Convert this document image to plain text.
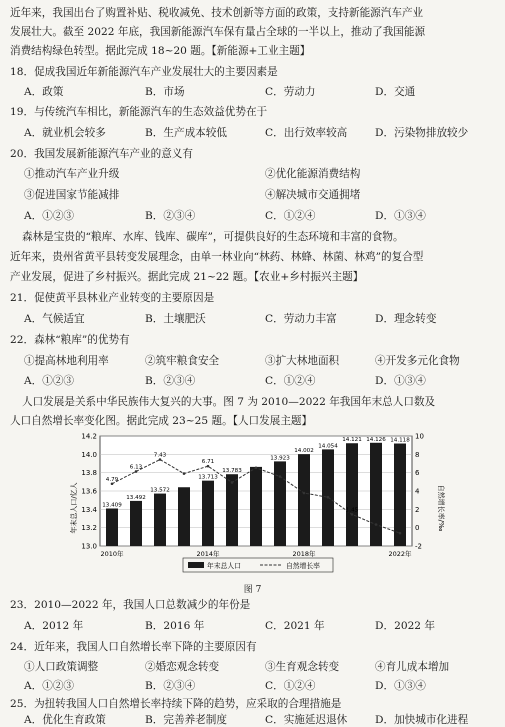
近年来，我国出台了购置补贴、税收减免、技术创新等方面的政策，支持新能源汽车产业
发展壮大。截至 2022 年底，我国新能源汽车保有量占全球的一半以上，推动了我国能源
消费结构绿色转型。据此完成 18~20 题。【新能源+工业主题】
18．促成我国近年新能源汽车产业发展壮大的主要因素是
A．政策	B．市场	C．劳动力	D．交通
19．与传统汽车相比，新能源汽车的生态效益优势在于
A．就业机会较多	B．生产成本较低	C．出行效率较高	D．污染物排放较少
20．我国发展新能源汽车产业的意义有
①推动汽车产业升级	②优化能源消费结构
③促进国家节能减排	④解决城市交通拥堵
A．①②③	B．②③④	C．①②④	D．①③④
森林是宝贵的“粮库、水库、钱库、碳库”，可提供良好的生态环境和丰富的食物。
近年来，贵州省黄平县转变发展理念，由单一林业向“林药、林蜂、林菌、林鸡”的复合型
产业发展，促进了乡村振兴。据此完成 21~22 题。【农业+乡村振兴主题】
21．促使黄平县林业产业转变的主要原因是
A．气候适宜	B．土壤肥沃	C．劳动力丰富	D．理念转变
22．森林“粮库”的优势有
①提高林地利用率	②筑牢粮食安全	③扩大林地面积	④开发多元化食物
A．①②③	B．②③④	C．①②④	D．①③④
人口发展是关系中华民族伟大复兴的大事。图 7 为 2010—2022 年我国年末总人口数及
人口自然增长率变化图。据此完成 23~25 题。【人口发展主题】
年末总人口/亿人	自然增长率/‰
14.2
14.0
13.8
13.6
13.4
13.2
13.0
10
8
6
4
2
0
-2
13.409
13.492
13.572
13.713
13.783
13.923
14.002
14.054
14.121 14.126 14.118
4.79
6.13
7.43
6.71
1.45
2010年	2014年	2018年	2022年
年末总人口	自然增长率
图 7
23．2010—2022 年，我国人口总数减少的年份是
A．2012 年	B．2016 年	C．2021 年	D．2022 年
24．近年来，我国人口自然增长率下降的主要原因有
①人口政策调整	②婚恋观念转变	③生育观念转变	④育儿成本增加
A．①②③	B．②③④	C．①②④	D．①③④
25．为扭转我国人口自然增长率持续下降的趋势，应采取的合理措施是
A．优化生育政策	B．完善养老制度	C．实施延迟退休	D．加快城市化进程
